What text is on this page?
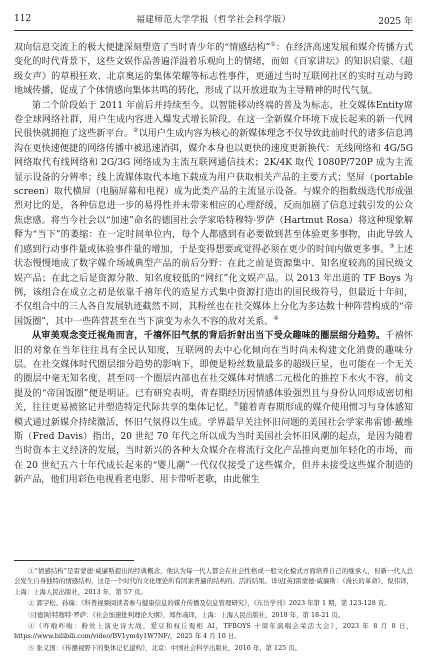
112	福建师范大学学报（哲学社会科学版）	2025 年

双向信息交流上的极大便捷深刻塑造了当时青少年的“情感结构”①：在经济高速发展和媒介传播方式变化的时代背景下，这些文娱作品善遍洋溢着乐观向上的情绪，而如《百家讲坛》的知识启蒙、《超级女声》的草根狂欢、北京奥运的集体荣耀等标志性事件，更通过当时互联网社区的实时互动与跨地域传播，促成了个体情感向集体共鸣的转化，形成了以开放进取为主导精神的时代气氛。

第二个阶段始于 2011 年前后并持续至今。以智能移动终端的普及为标志，社交媒体Entity席卷全球网络社群，用户生成内容进入爆发式增长阶段，在这一全新媒介环境下成长起来的新一代网民很快就拥抱了这些新平台。②以用户生成内容为核心的新媒体理念不仅导致此前时代的诸多信息鸿沟在更快速便捷的网络传播中被迅速消弭，媒介本身也以更快的速度更新换代：无线网络和 4G/5G 网络取代有线网络和 2G/3G 网络成为主流互联网通信技术；2K/4K 取代 1080P/720P 成为主流显示设备的分辨率；线上流媒体取代本地下载成为用户获取相关产品的主要方式；坚屏（portable screen）取代横屏（电脑屏幕和电视）成为此类产品的主流显示设备。与媒介的指数级迭代形成强烈对比的是，各种信息进一步的易得性并未带来相应的心理舒缓，反而加剧了信息过载引发的公众焦虑感。将当今社会以“加速”命名的德国社会学家哈特穆特·罗萨（Hartmut Rosa）将这种现象解释为“当下”的萎缩：在一定时间单位内，每个人都感到有必要做到甚至体验更多事物，由此导致人们感到行动事件量或体验事件量的增加，于是变得想要或觉得必须在更少的时间内做更多事。③上述状态慢慢地成了数字媒介场域典型产品的前后分野：在此之前是资源集中、知名度较高的国民级文娱产品；在此之后是资源分散、知名度较低的“网红”化文娱产品。以 2013 年出道的 TF Boys 为例，该组合在成立之初是依靠千禧年代的造星方式集中资源打造出的国民级符号，但最近十年间，不仅组合中的三人各自发展轨迹截然不同，其粉丝也在社交媒体上分化为多达数十种阵营构成的“帝国饭圈”，其中一些阵营甚至在当下演变为永久不容的敌对关系。④

从审美观念变迁视角而言，千禧怀旧气氛的背后折射出当下受众趣味的圈层细分趋势。千禧怀旧的对象在当年往往具有全民认知度，互联网的去中心化倾向在当时尚未构建文化消费的趣味分层。在社交媒体时代圈层细分趋势的影响下，即便是粉丝数量最多的超级巨星，也可能在一个无关的圈层中毫无知名度，甚至同一个圈层内部也在社交媒体对情感二元极化的推控下水火不容，前文提及的“帝国饭圈”便是明证。已有研究表明，青春期经历因情感体验强烈且与身份认同形成密切相关，往往更易被铭记并塑造特定代际共享的集体记忆。⑤随着青春期形成的媒介使用惯习与身体感知模式通过新媒介持续激活，怀旧气氛得以生成。学界最早关注怀旧问题的美国社会学家弗雷德·戴维斯（Fred Davis）指出，20 世纪 70 年代之所以成为当时美国社会怀旧风潮的起点，是因为随着当时资本主义经济的发展，当时新兴的各种大众媒介在将流行文化产品推向更加年轻化的市场，而在 20 世纪五六十年代成长起来的“婴儿潮”一代仅仅接受了这些媒介，但并未接受这些媒介制造的新产品，他们用彩色电视看老电影、用卡带听老歌，由此催生

①“情感结构”是雷蒙德·威廉斯提出的经典概念，他认为每一代人都会在社会性格或一般文化模式方面培养自己的继承人，但新一代人总会发生自身独特的情感结构，这是一个时代的文化理论所有因素普遍的结构的、活的结果。详见[英]雷蒙德·威廉斯：《漫长的革命》，倪伟译，上海：上海人民出版社，2013 年，第 57 页。

② 郭宇松、孙瑞：《科普视频阅读者参与健康信息的媒介传播及信息管理研究》，《东岳学刊》2023 年第 1 期，第 123-128 页。

③[德]哈特穆特·罗萨：《社会加速批判理论大纲》，郑作彧译，上海：上海人民出版社，2018 年，第 18-21 页。

④《咋啦咋啦：粉丝上演史诗大战，爱豆和权丘观相 AI，TFBOYS 十周年演唱会荣活大会》，2023 年 8 月 8 日，https://www.bilibili.com/video/BV1ym4y1W7NF/，2025 年 4 月 10 日。

⑤ 张义国：《传播视野下的集体记忆建构》，北京：中国社会科学出版社，2016 年，第 125 页。
